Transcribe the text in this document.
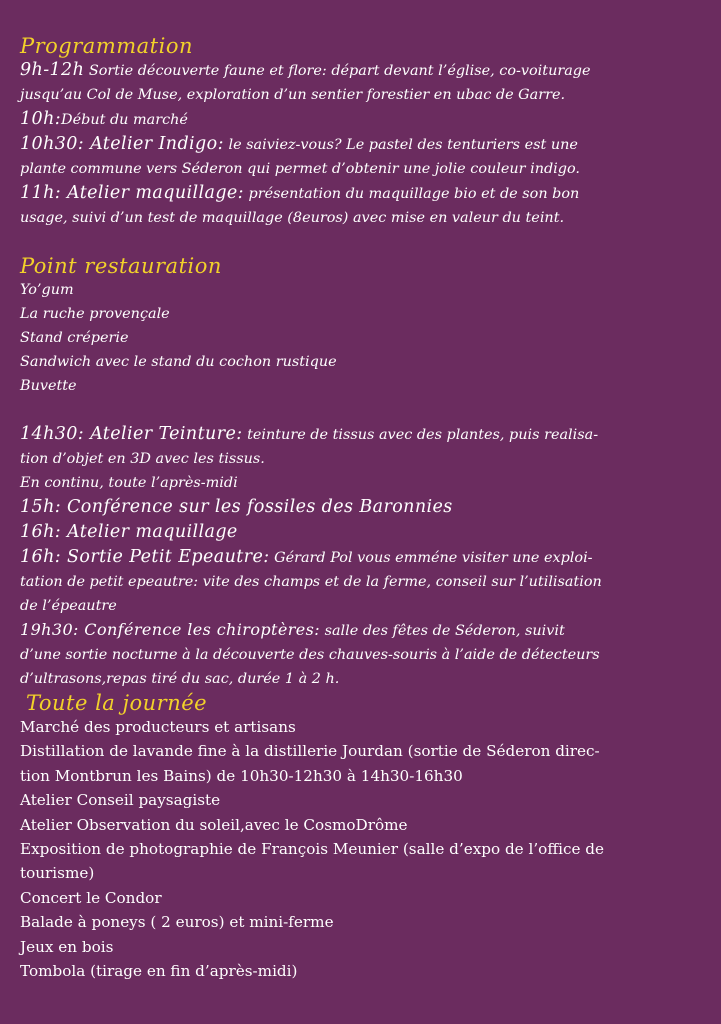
Programmation
9h-12h Sortie découverte faune et flore: départ devant l’église, co-voiturage
jusqu’au Col de Muse, exploration d’un sentier forestier en ubac de Garre.
10h:Début du marché
10h30: Atelier Indigo: le saiviez-vous? Le pastel des tenturiers est une
plante commune vers Séderon qui permet d’obtenir une jolie couleur indigo.
11h: Atelier maquillage: présentation du maquillage bio et de son bon
usage, suivi d’un test de maquillage (8euros) avec mise en valeur du teint.
Point restauration
Yo’gum
La ruche provençale
Stand créperie
Sandwich avec le stand du cochon rustique
Buvette
14h30: Atelier Teinture: teinture de tissus avec des plantes, puis realisa-
tion d’objet en 3D avec les tissus.
En continu, toute l’après-midi
15h: Conférence sur les fossiles des Baronnies
16h: Atelier maquillage
16h: Sortie Petit Epeautre: Gérard Pol vous emméne visiter une exploi-
tation de petit epeautre: vite des champs et de la ferme, conseil sur l’utilisation
de l’épeautre
19h30: Conférence les chiroptères: salle des fêtes de Séderon, suivit
d’une sortie nocturne à la découverte des chauves-souris à l’aide de détecteurs
d’ultrasons,repas tiré du sac, durée 1 à 2 h.
Toute la journée
Marché des producteurs et artisans
Distillation de lavande fine à la distillerie Jourdan (sortie de Séderon direc-
tion Montbrun les Bains) de 10h30-12h30 à 14h30-16h30
Atelier Conseil paysagiste
Atelier Observation du soleil,avec le CosmoDrôme
Exposition de photographie de François Meunier (salle d’expo de l’office de
tourisme)
Concert le Condor
Balade à poneys ( 2 euros) et mini-ferme
Jeux en bois
Tombola (tirage en fin d’après-midi)
